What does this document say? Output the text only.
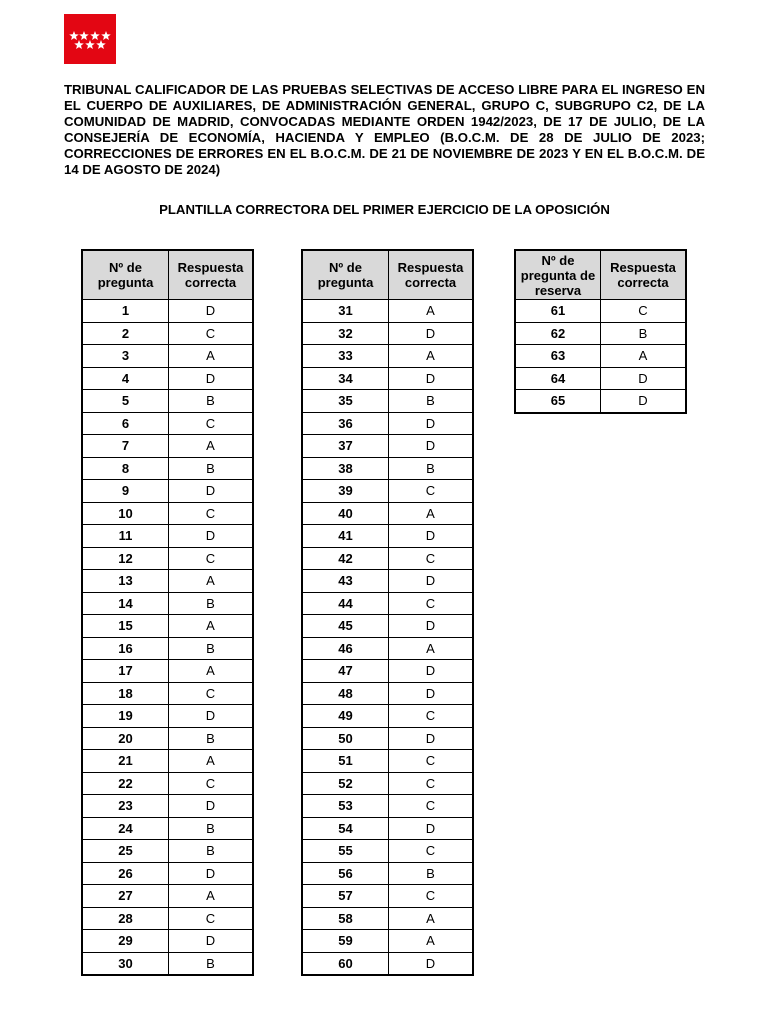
TRIBUNAL CALIFICADOR DE LAS PRUEBAS SELECTIVAS DE ACCESO LIBRE PARA EL INGRESO EN EL CUERPO DE AUXILIARES, DE ADMINISTRACIÓN GENERAL, GRUPO C, SUBGRUPO C2, DE LA COMUNIDAD DE MADRID, CONVOCADAS MEDIANTE ORDEN 1942/2023, DE 17 DE JULIO, DE LA CONSEJERÍA DE ECONOMÍA, HACIENDA Y EMPLEO (B.O.C.M. DE 28 DE JULIO DE 2023; CORRECCIONES DE ERRORES EN EL B.O.C.M. DE 21 DE NOVIEMBRE DE 2023 Y EN EL B.O.C.M. DE 14 DE AGOSTO DE 2024)
PLANTILLA CORRECTORA DEL PRIMER EJERCICIO DE LA OPOSICIÓN
Nº de pregunta	Respuesta correcta
1	D
2	C
3	A
4	D
5	B
6	C
7	A
8	B
9	D
10	C
11	D
12	C
13	A
14	B
15	A
16	B
17	A
18	C
19	D
20	B
21	A
22	C
23	D
24	B
25	B
26	D
27	A
28	C
29	D
30	B
Nº de pregunta	Respuesta correcta
31	A
32	D
33	A
34	D
35	B
36	D
37	D
38	B
39	C
40	A
41	D
42	C
43	D
44	C
45	D
46	A
47	D
48	D
49	C
50	D
51	C
52	C
53	C
54	D
55	C
56	B
57	C
58	A
59	A
60	D
Nº de pregunta de reserva	Respuesta correcta
61	C
62	B
63	A
64	D
65	D
